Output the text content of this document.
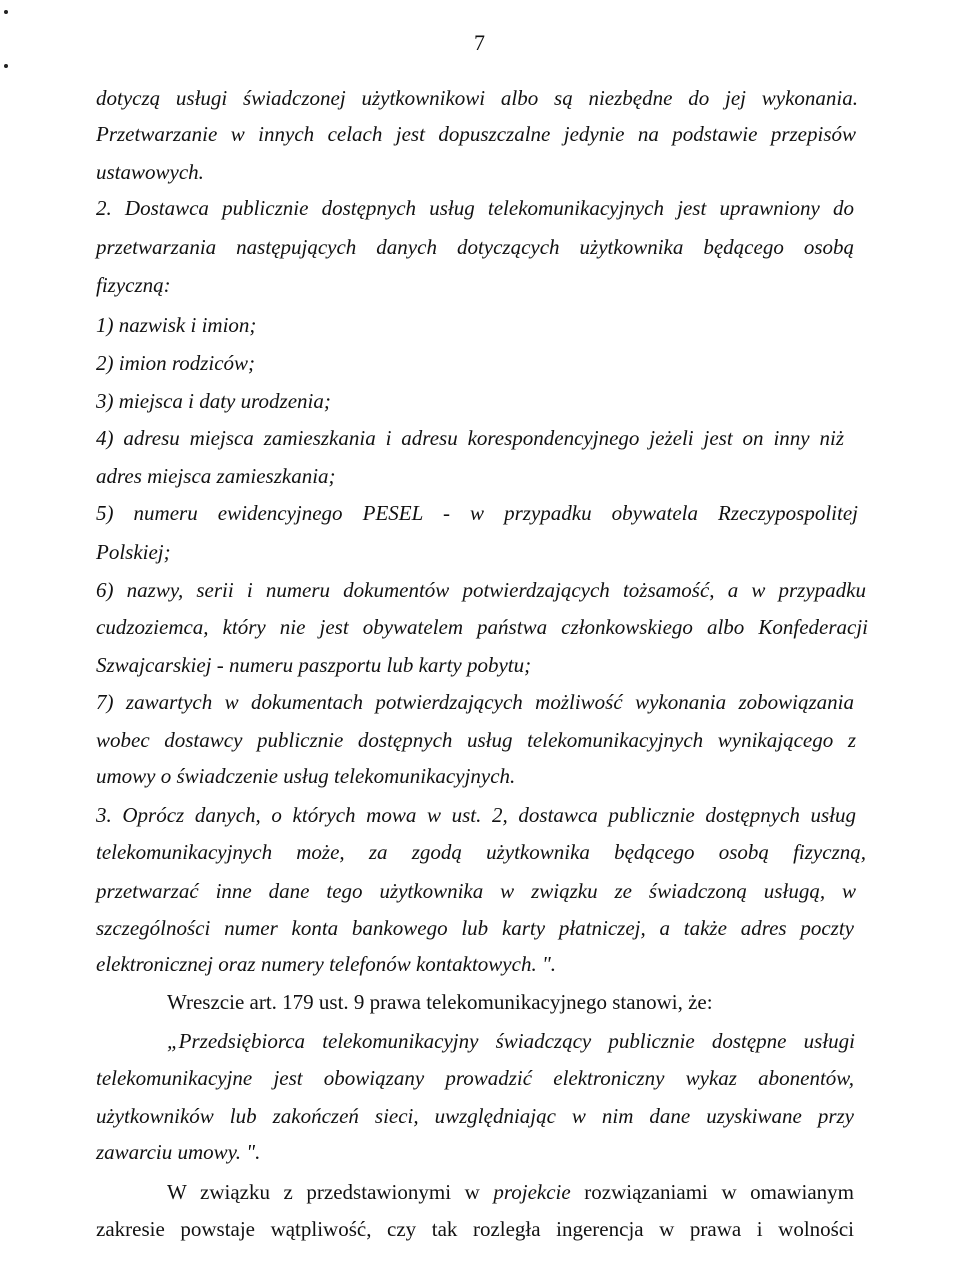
7
dotyczą usługi świadczonej użytkownikowi albo są niezbędne do jej wykonania.
Przetwarzanie w innych celach jest dopuszczalne jedynie na podstawie przepisów
ustawowych.
2. Dostawca publicznie dostępnych usług telekomunikacyjnych jest uprawniony do
przetwarzania następujących danych dotyczących użytkownika będącego osobą
fizyczną:
1) nazwisk i imion;
2) imion rodziców;
3) miejsca i daty urodzenia;
4) adresu miejsca zamieszkania i adresu korespondencyjnego jeżeli jest on inny niż
adres miejsca zamieszkania;
5) numeru ewidencyjnego PESEL - w przypadku obywatela Rzeczypospolitej
Polskiej;
6) nazwy, serii i numeru dokumentów potwierdzających tożsamość, a w przypadku
cudzoziemca, który nie jest obywatelem państwa członkowskiego albo Konfederacji
Szwajcarskiej - numeru paszportu lub karty pobytu;
7) zawartych w dokumentach potwierdzających możliwość wykonania zobowiązania
wobec dostawcy publicznie dostępnych usług telekomunikacyjnych wynikającego z
umowy o świadczenie usług telekomunikacyjnych.
3. Oprócz danych, o których mowa w ust. 2, dostawca publicznie dostępnych usług
telekomunikacyjnych może, za zgodą użytkownika będącego osobą fizyczną,
przetwarzać inne dane tego użytkownika w związku ze świadczoną usługą, w
szczególności numer konta bankowego lub karty płatniczej, a także adres poczty
elektronicznej oraz numery telefonów kontaktowych. ".
Wreszcie art. 179 ust. 9 prawa telekomunikacyjnego stanowi, że:
„Przedsiębiorca telekomunikacyjny świadczący publicznie dostępne usługi
telekomunikacyjne jest obowiązany prowadzić elektroniczny wykaz abonentów,
użytkowników lub zakończeń sieci, uwzględniając w nim dane uzyskiwane przy
zawarciu umowy. ".
W związku z przedstawionymi w projekcie rozwiązaniami w omawianym
zakresie powstaje wątpliwość, czy tak rozległa ingerencja w prawa i wolności
